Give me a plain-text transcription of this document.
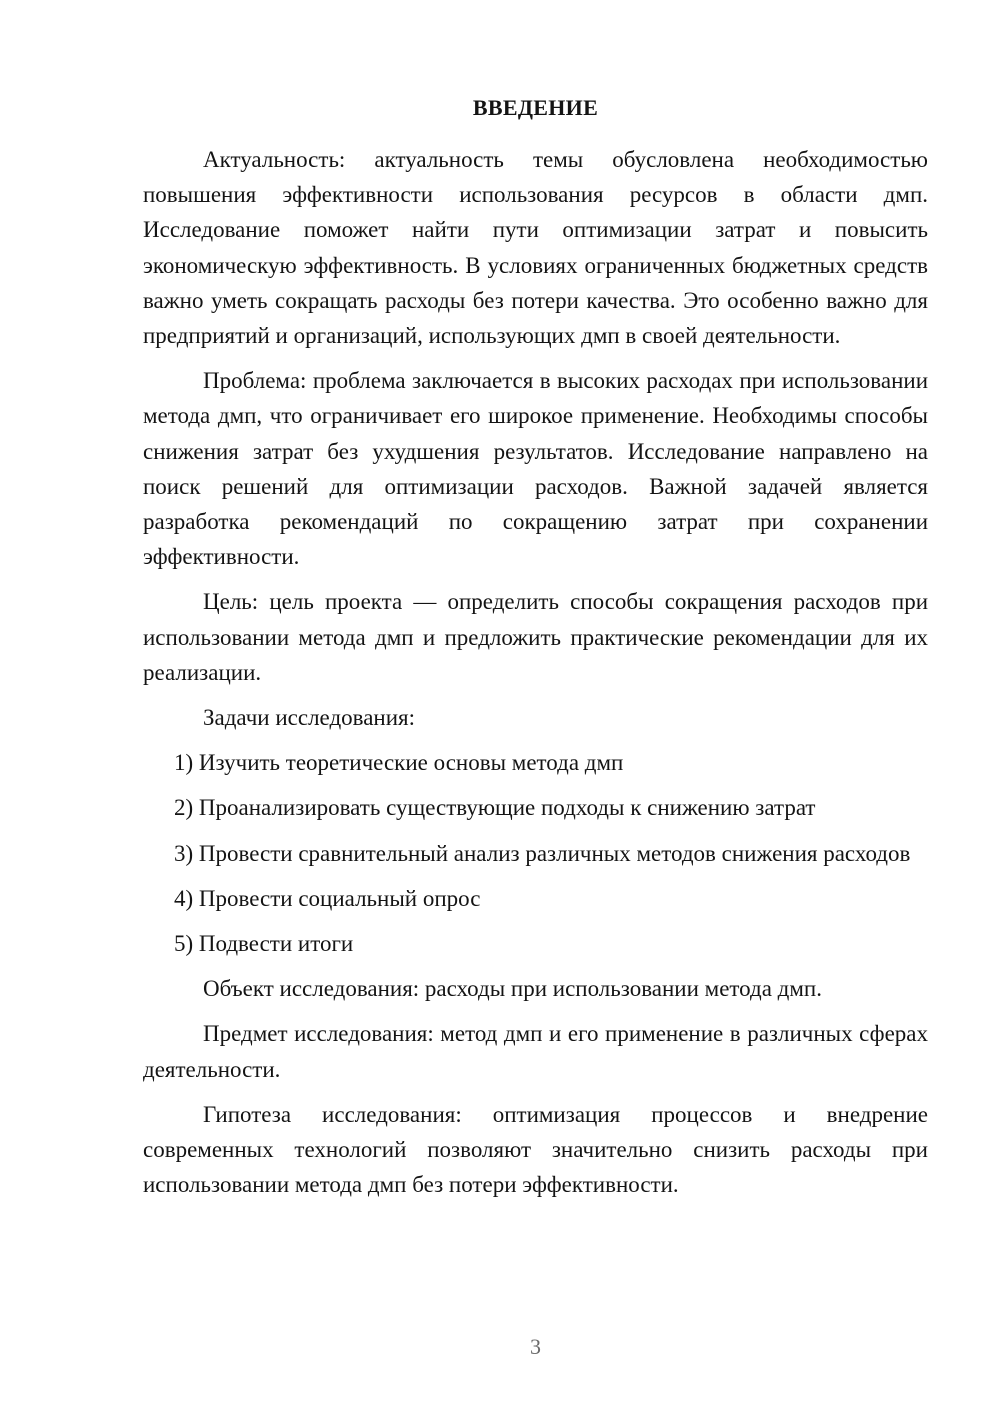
ВВЕДЕНИЕ

Актуальность: актуальность темы обусловлена необходимостью повышения эффективности использования ресурсов в области дмп. Исследование поможет найти пути оптимизации затрат и повысить экономическую эффективность. В условиях ограниченных бюджетных средств важно уметь сокращать расходы без потери качества. Это особенно важно для предприятий и организаций, использующих дмп в своей деятельности.

Проблема: проблема заключается в высоких расходах при использовании метода дмп, что ограничивает его широкое применение. Необходимы способы снижения затрат без ухудшения результатов. Исследование направлено на поиск решений для оптимизации расходов. Важной задачей является разработка рекомендаций по сокращению затрат при сохранении эффективности.

Цель: цель проекта — определить способы сокращения расходов при использовании метода дмп и предложить практические рекомендации для их реализации.

Задачи исследования:

1) Изучить теоретические основы метода дмп

2) Проанализировать существующие подходы к снижению затрат

3) Провести сравнительный анализ различных методов снижения расходов

4) Провести социальный опрос

5) Подвести итоги

Объект исследования: расходы при использовании метода дмп.

Предмет исследования: метод дмп и его применение в различных сферах деятельности.

Гипотеза исследования: оптимизация процессов и внедрение современных технологий позволяют значительно снизить расходы при использовании метода дмп без потери эффективности.

3
